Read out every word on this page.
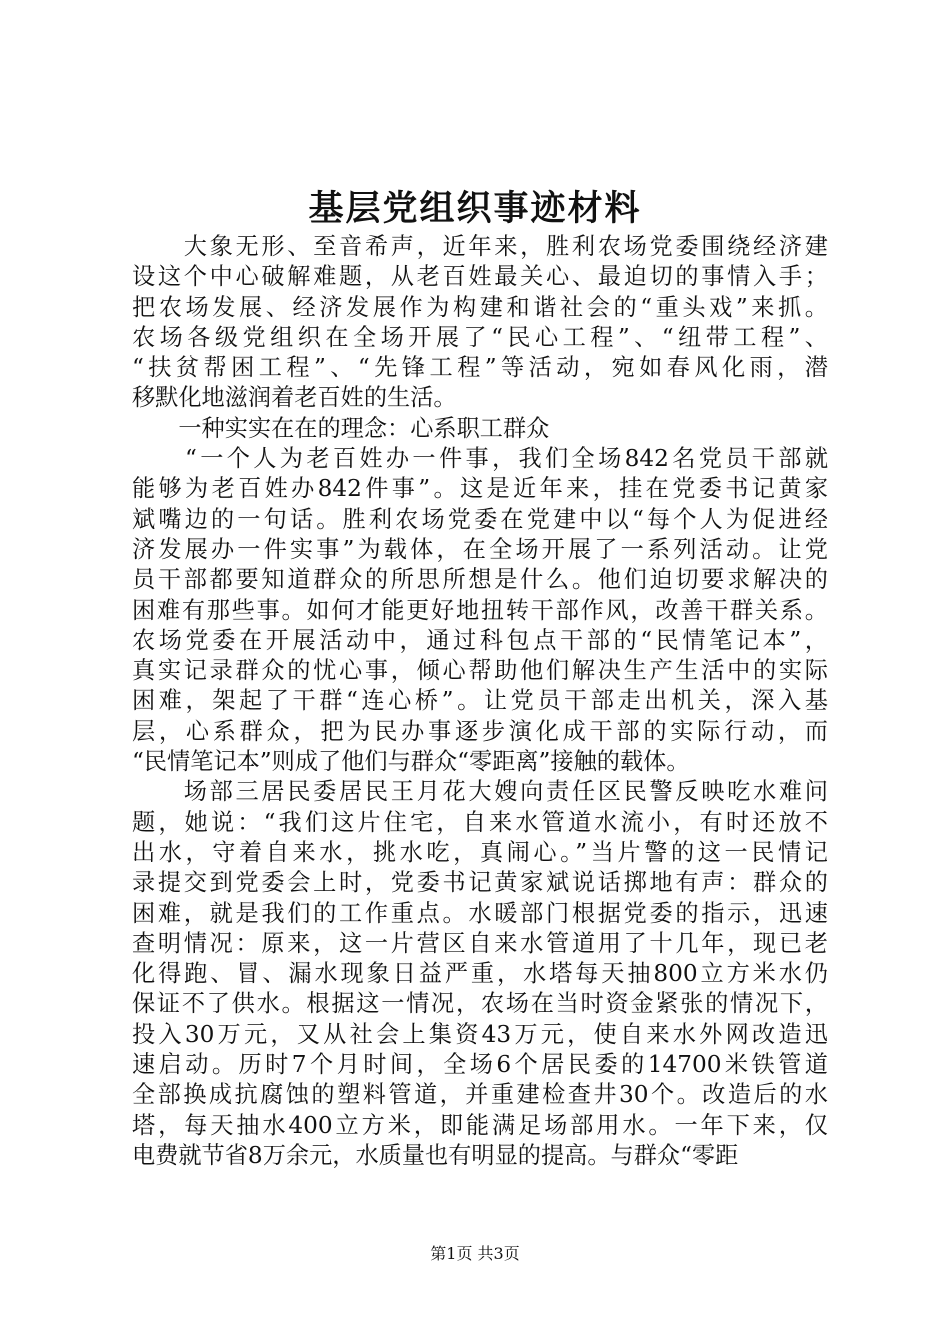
基层党组织事迹材料
　　大象无形、至音希声，近年来，胜利农场党委围绕经济建
设这个中心破解难题，从老百姓最关心、最迫切的事情入手；
把农场发展、经济发展作为构建和谐社会的“重头戏”来抓。
农场各级党组织在全场开展了“民心工程”、“纽带工程”、
“扶贫帮困工程”、“先锋工程”等活动，宛如春风化雨，潜
移默化地滋润着老百姓的生活。
　　一种实实在在的理念：心系职工群众
　　“一个人为老百姓办一件事，我们全场842名党员干部就
能够为老百姓办842件事”。这是近年来，挂在党委书记黄家
斌嘴边的一句话。胜利农场党委在党建中以“每个人为促进经
济发展办一件实事”为载体，在全场开展了一系列活动。让党
员干部都要知道群众的所思所想是什么。他们迫切要求解决的
困难有那些事。如何才能更好地扭转干部作风，改善干群关系。
农场党委在开展活动中，通过科包点干部的“民情笔记本”，
真实记录群众的忧心事，倾心帮助他们解决生产生活中的实际
困难，架起了干群“连心桥”。让党员干部走出机关，深入基
层，心系群众，把为民办事逐步演化成干部的实际行动，而
“民情笔记本”则成了他们与群众“零距离”接触的载体。
　　场部三居民委居民王月花大嫂向责任区民警反映吃水难问
题，她说：“我们这片住宅，自来水管道水流小，有时还放不
出水，守着自来水，挑水吃，真闹心。”当片警的这一民情记
录提交到党委会上时，党委书记黄家斌说话掷地有声：群众的
困难，就是我们的工作重点。水暖部门根据党委的指示，迅速
查明情况：原来，这一片营区自来水管道用了十几年，现已老
化得跑、冒、漏水现象日益严重，水塔每天抽800立方米水仍
保证不了供水。根据这一情况，农场在当时资金紧张的情况下，
投入30万元，又从社会上集资43万元，使自来水外网改造迅
速启动。历时7个月时间，全场6个居民委的14700米铁管道
全部换成抗腐蚀的塑料管道，并重建检查井30个。改造后的水
塔，每天抽水400立方米，即能满足场部用水。一年下来，仅
电费就节省8万余元，水质量也有明显的提高。与群众“零距
第1页 共3页
